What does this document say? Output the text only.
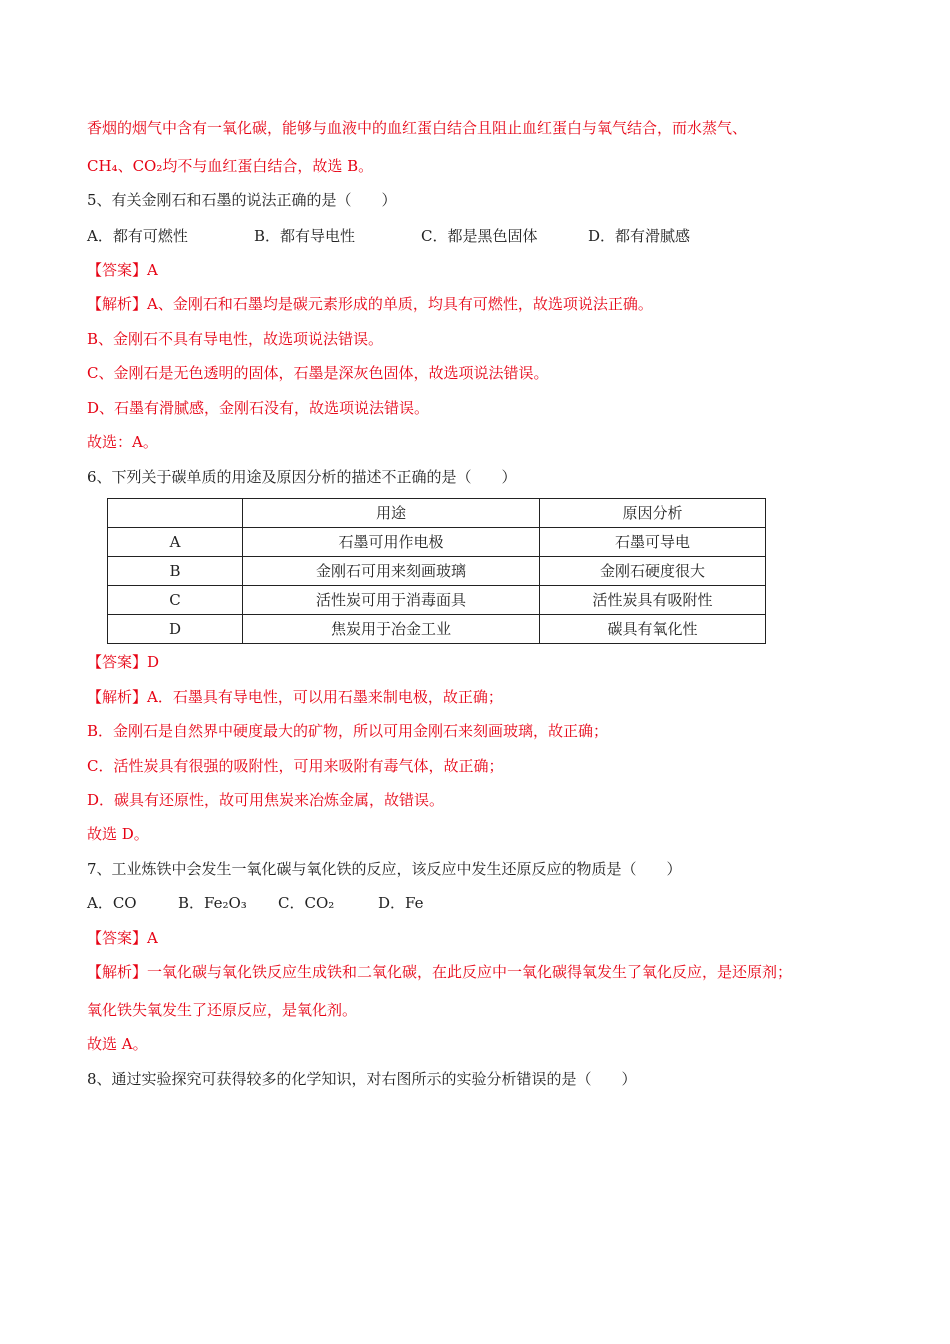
香烟的烟气中含有一氧化碳，能够与血液中的血红蛋白结合且阻止血红蛋白与氧气结合，而水蒸气、
CH₄、CO₂均不与血红蛋白结合，故选 B。
5、有关金刚石和石墨的说法正确的是（　　）
A．都有可燃性	B．都有导电性	C．都是黑色固体	D．都有滑腻感
【答案】A
【解析】A、金刚石和石墨均是碳元素形成的单质，均具有可燃性，故选项说法正确。
B、金刚石不具有导电性，故选项说法错误。
C、金刚石是无色透明的固体，石墨是深灰色固体，故选项说法错误。
D、石墨有滑腻感，金刚石没有，故选项说法错误。
故选：A。
6、下列关于碳单质的用途及原因分析的描述不正确的是（　　）
	用途	原因分析
A	石墨可用作电极	石墨可导电
B	金刚石可用来刻画玻璃	金刚石硬度很大
C	活性炭可用于消毒面具	活性炭具有吸附性
D	焦炭用于冶金工业	碳具有氧化性
【答案】D
【解析】A．石墨具有导电性，可以用石墨来制电极，故正确；
B．金刚石是自然界中硬度最大的矿物，所以可用金刚石来刻画玻璃，故正确；
C．活性炭具有很强的吸附性，可用来吸附有毒气体，故正确；
D．碳具有还原性，故可用焦炭来冶炼金属，故错误。
故选 D。
7、工业炼铁中会发生一氧化碳与氧化铁的反应，该反应中发生还原反应的物质是（　　）
A．CO	B．Fe₂O₃ C．CO₂	D．Fe
【答案】A
【解析】一氧化碳与氧化铁反应生成铁和二氧化碳，在此反应中一氧化碳得氧发生了氧化反应，是还原剂；
氧化铁失氧发生了还原反应，是氧化剂。
故选 A。
8、通过实验探究可获得较多的化学知识，对右图所示的实验分析错误的是（　　）
